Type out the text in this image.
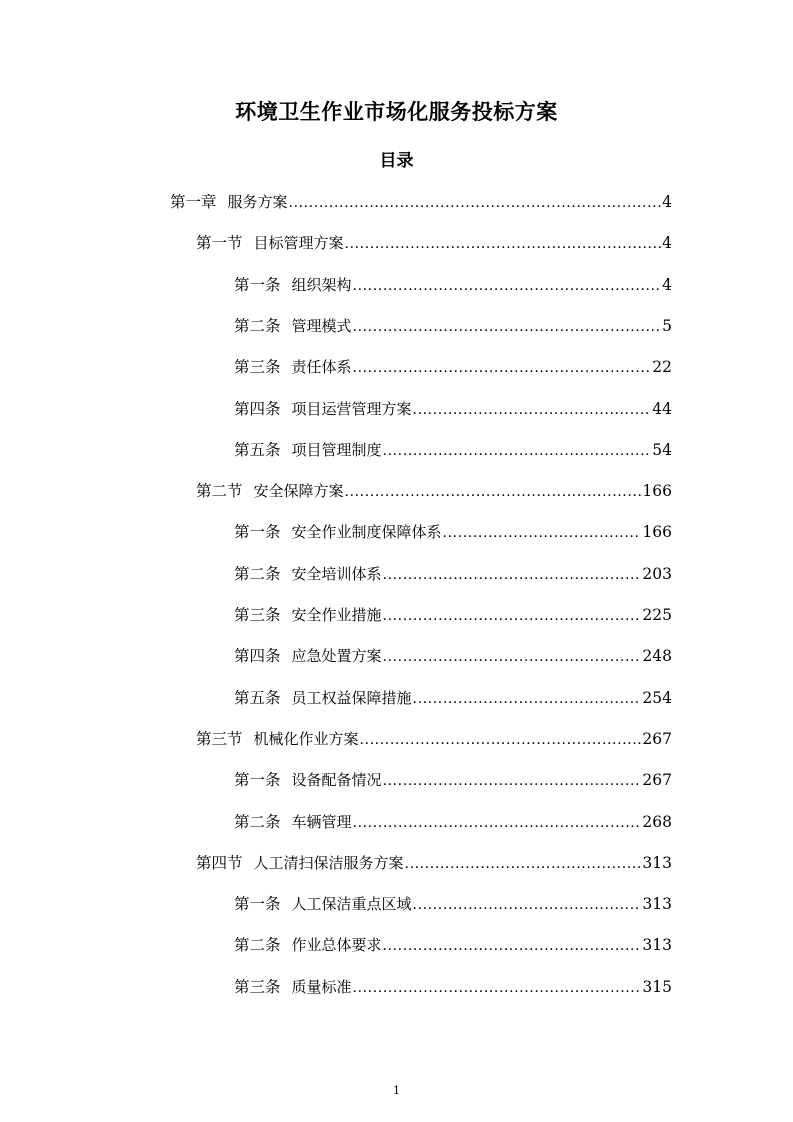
环境卫生作业市场化服务投标方案
目录
第一章 服务方案 .....	4
第一节 目标管理方案 .....	4
第一条 组织架构 .....	4
第二条 管理模式 .....	5
第三条 责任体系 .....	22
第四条 项目运营管理方案 .....	44
第五条 项目管理制度 .....	54
第二节 安全保障方案 .....	166
第一条 安全作业制度保障体系 .....	166
第二条 安全培训体系 .....	203
第三条 安全作业措施 .....	225
第四条 应急处置方案 .....	248
第五条 员工权益保障措施 .....	254
第三节 机械化作业方案 .....	267
第一条 设备配备情况 .....	267
第二条 车辆管理 .....	268
第四节 人工清扫保洁服务方案 .....	313
第一条 人工保洁重点区域 .....	313
第二条 作业总体要求 .....	313
第三条 质量标准 .....	315
1
